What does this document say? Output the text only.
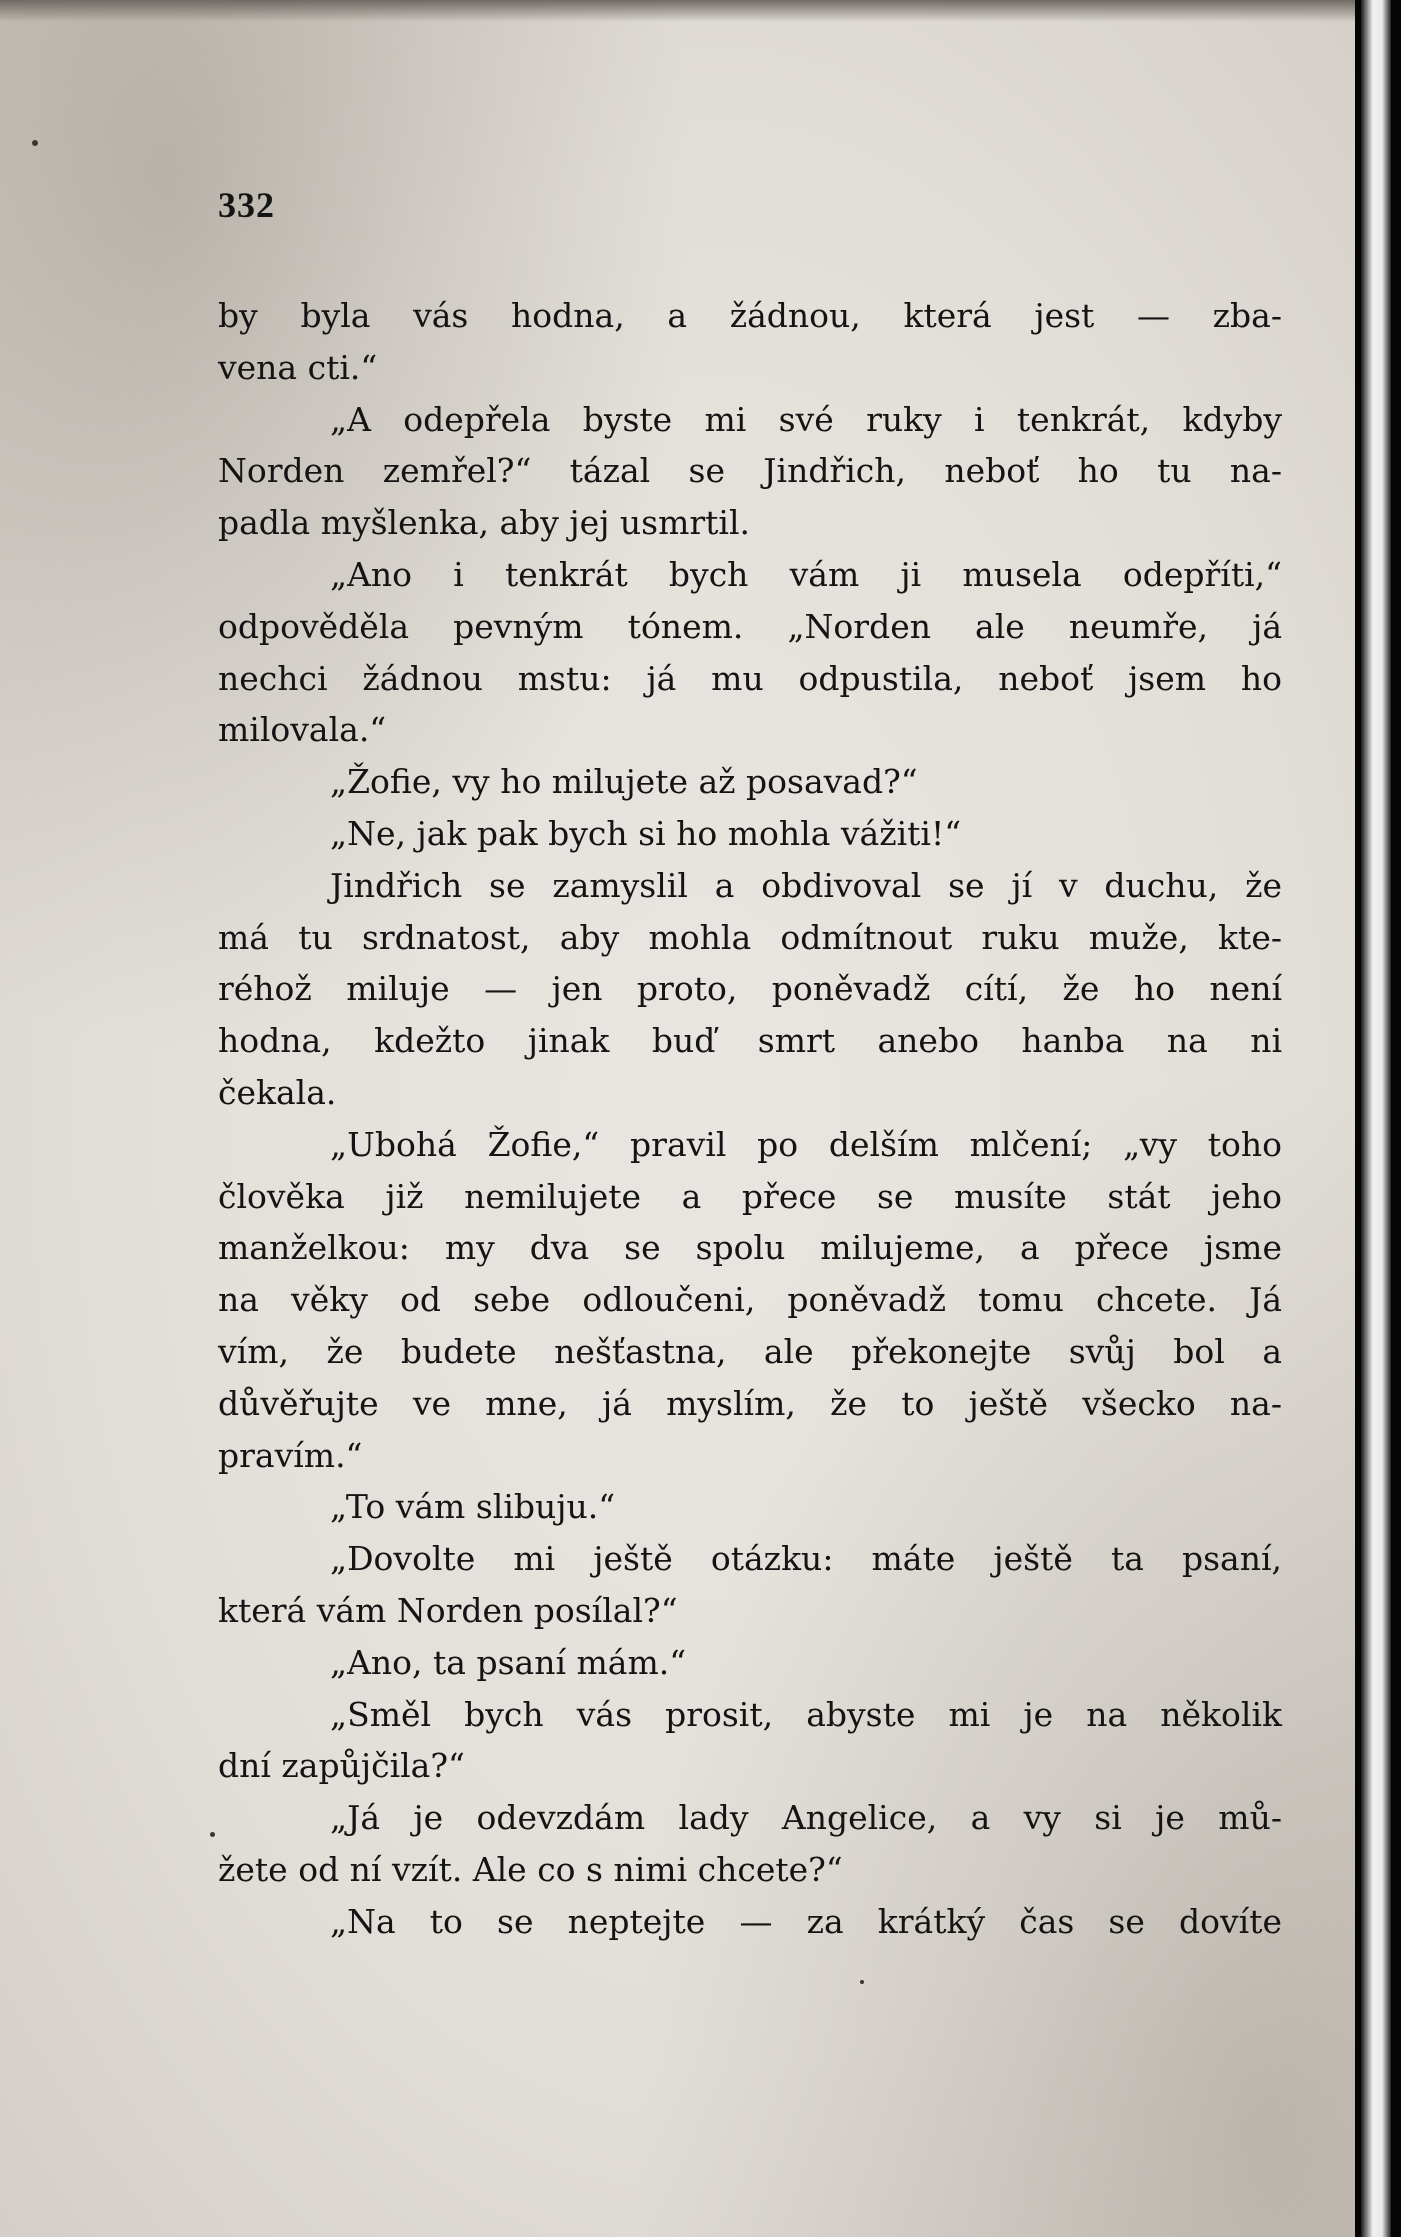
332
by byla vás hodna, a žádnou, která jest — zba-
vena cti.“
„A odepřela byste mi své ruky i tenkrát, kdyby
Norden zemřel?“ tázal se Jindřich, neboť ho tu na-
padla myšlenka, aby jej usmrtil.
„Ano i tenkrát bych vám ji musela odepříti,“
odpověděla pevným tónem. „Norden ale neumře, já
nechci žádnou mstu: já mu odpustila, neboť jsem ho
milovala.“
„Žofie, vy ho milujete až posavad?“
„Ne, jak pak bych si ho mohla vážiti!“
Jindřich se zamyslil a obdivoval se jí v duchu, že
má tu srdnatost, aby mohla odmítnout ruku muže, kte-
réhož miluje — jen proto, poněvadž cítí, že ho není
hodna, kdežto jinak buď smrt anebo hanba na ni
čekala.
„Ubohá Žofie,“ pravil po delším mlčení; „vy toho
člověka již nemilujete a přece se musíte stát jeho
manželkou: my dva se spolu milujeme, a přece jsme
na věky od sebe odloučeni, poněvadž tomu chcete. Já
vím, že budete nešťastna, ale překonejte svůj bol a
důvěřujte ve mne, já myslím, že to ještě všecko na-
pravím.“
„To vám slibuju.“
„Dovolte mi ještě otázku: máte ještě ta psaní,
která vám Norden posílal?“
„Ano, ta psaní mám.“
„Směl bych vás prosit, abyste mi je na několik
dní zapůjčila?“
„Já je odevzdám lady Angelice, a vy si je mů-
žete od ní vzít. Ale co s nimi chcete?“
„Na to se neptejte — za krátký čas se dovíte
